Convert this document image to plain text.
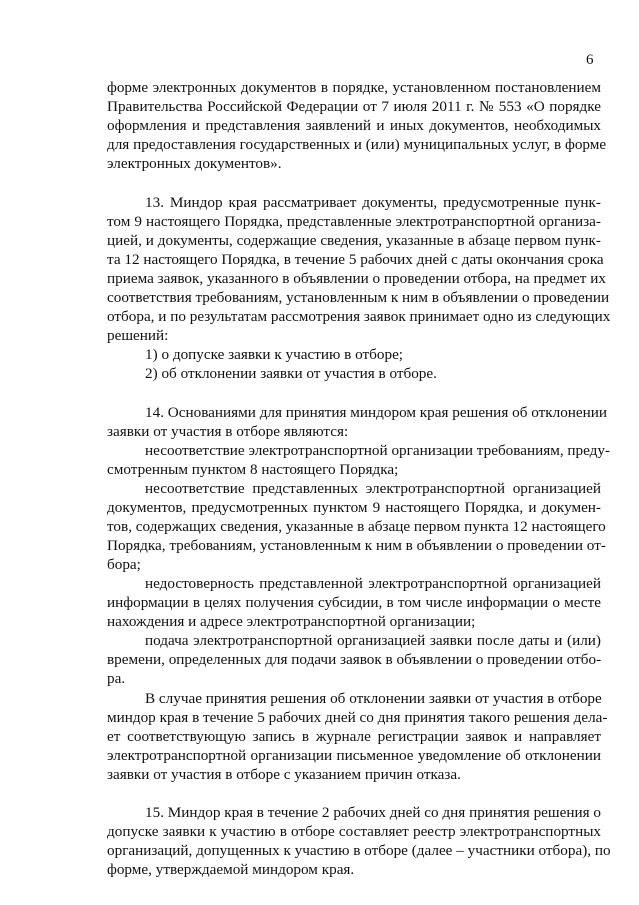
6
форме электронных документов в порядке, установленном постановлением
Правительства Российской Федерации от 7 июля 2011 г. № 553 «О порядке
оформления и представления заявлений и иных документов, необходимых
для предоставления государственных и (или) муниципальных услуг, в форме
электронных документов».
13. Миндор края рассматривает документы, предусмотренные пунк-
том 9 настоящего Порядка, представленные электротранспортной организа-
цией, и документы, содержащие сведения, указанные в абзаце первом пунк-
та 12 настоящего Порядка, в течение 5 рабочих дней с даты окончания срока
приема заявок, указанного в объявлении о проведении отбора, на предмет их
соответствия требованиям, установленным к ним в объявлении о проведении
отбора, и по результатам рассмотрения заявок принимает одно из следующих
решений:
1) о допуске заявки к участию в отборе;
2) об отклонении заявки от участия в отборе.
14. Основаниями для принятия миндором края решения об отклонении
заявки от участия в отборе являются:
несоответствие электротранспортной организации требованиям, преду-
смотренным пунктом 8 настоящего Порядка;
несоответствие представленных электротранспортной организацией
документов, предусмотренных пунктом 9 настоящего Порядка, и докумен-
тов, содержащих сведения, указанные в абзаце первом пункта 12 настоящего
Порядка, требованиям, установленным к ним в объявлении о проведении от-
бора;
недостоверность представленной электротранспортной организацией
информации в целях получения субсидии, в том числе информации о месте
нахождения и адресе электротранспортной организации;
подача электротранспортной организацией заявки после даты и (или)
времени, определенных для подачи заявок в объявлении о проведении отбо-
ра.
В случае принятия решения об отклонении заявки от участия в отборе
миндор края в течение 5 рабочих дней со дня принятия такого решения дела-
ет соответствующую запись в журнале регистрации заявок и направляет
электротранспортной организации письменное уведомление об отклонении
заявки от участия в отборе с указанием причин отказа.
15. Миндор края в течение 2 рабочих дней со дня принятия решения о
допуске заявки к участию в отборе составляет реестр электротранспортных
организаций, допущенных к участию в отборе (далее – участники отбора), по
форме, утверждаемой миндором края.
